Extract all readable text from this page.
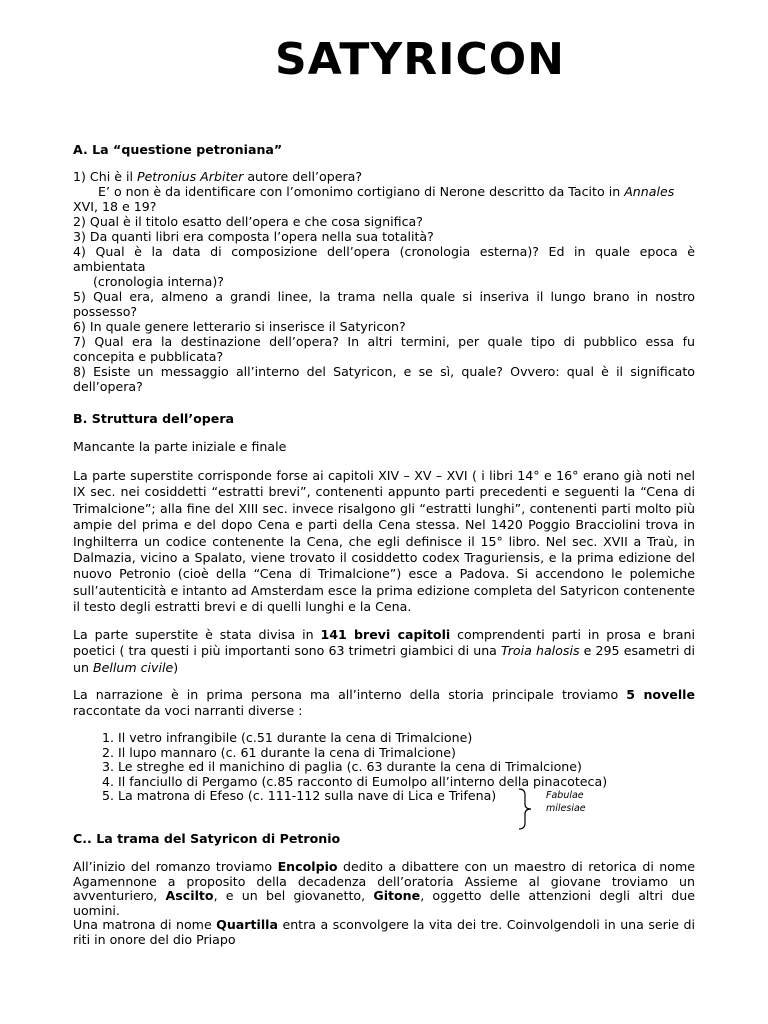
SATYRICON
A. La “questione petroniana”

1) Chi è il Petronius Arbiter autore dell’opera?

E’ o non è da identificare con l’omonimo cortigiano di Nerone descritto da Tacito in Annales

XVI, 18 e 19?

2) Qual è il titolo esatto dell’opera e che cosa significa?

3) Da quanti libri era composta l’opera nella sua totalità?

4) Qual è la data di composizione dell’opera (cronologia esterna)? Ed in quale epoca è

ambientata

(cronologia interna)?

5) Qual era, almeno a grandi linee, la trama nella quale si inseriva il lungo brano in nostro

possesso?

6) In quale genere letterario si inserisce il Satyricon?

7) Qual era la destinazione dell’opera? In altri termini, per quale tipo di pubblico essa fu

concepita e pubblicata?

8) Esiste un messaggio all’interno del Satyricon, e se sì, quale? Ovvero: qual è il significato

dell’opera?

B. Struttura dell’opera
Mancante la parte iniziale e finale
La parte superstite corrisponde forse ai capitoli XIV – XV – XVI ( i libri 14° e 16° erano già noti nel IX sec. nei cosiddetti “estratti brevi”, contenenti appunto parti precedenti e seguenti la “Cena di Trimalcione”; alla fine del XIII sec. invece risalgono gli “estratti lunghi”, contenenti parti molto più ampie del prima e del dopo Cena e parti della Cena stessa. Nel 1420 Poggio Bracciolini trova in Inghilterra un codice contenente la Cena, che egli definisce il 15° libro. Nel sec. XVII a Traù, in Dalmazia, vicino a Spalato, viene trovato il cosiddetto codex Traguriensis, e la prima edizione del nuovo Petronio (cioè della “Cena di Trimalcione”) esce a Padova. Si accendono le polemiche sull’autenticità e intanto ad Amsterdam esce la prima edizione completa del Satyricon contenente il testo degli estratti brevi e di quelli lunghi e la Cena.
La parte superstite è stata divisa in 141 brevi capitoli comprendenti parti in prosa e brani poetici ( tra questi i più importanti sono 63 trimetri giambici di una Troia halosis e 295 esametri di un Bellum civile)
La narrazione è in prima persona ma all’interno della storia principale troviamo 5 novelle raccontate da voci narranti diverse :
1. Il vetro infrangibile (c.51 durante la cena di Trimalcione)
2. Il lupo mannaro (c. 61 durante la cena di Trimalcione)
3. Le streghe ed il manichino di paglia (c. 63 durante la cena di Trimalcione)
4. Il fanciullo di Pergamo (c.85 racconto di Eumolpo all’interno della pinacoteca)
5. La matrona di Efeso (c. 111-112 sulla nave di Lica e Trifena)	Fabulae
milesiae
C.. La trama del Satyricon di Petronio
All’inizio del romanzo troviamo Encolpio dedito a dibattere con un maestro di retorica di nome Agamennone a proposito della decadenza dell’oratoria Assieme al giovane troviamo un avventuriero, Ascilto, e un bel giovanetto, Gitone, oggetto delle attenzioni degli altri due uomini.
Una matrona di nome Quartilla entra a sconvolgere la vita dei tre. Coinvolgendoli in una serie di riti in onore del dio Priapo
